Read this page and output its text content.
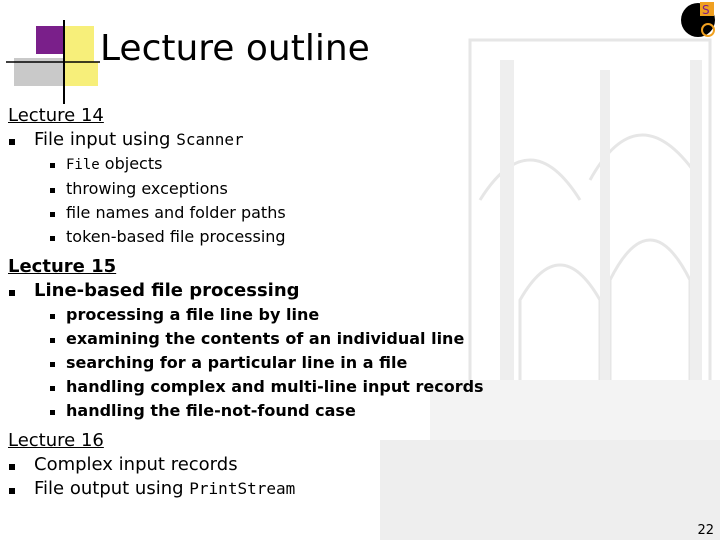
Lecture outline
S

Lecture 14

File input using Scanner

File objects

throwing exceptions

file names and folder paths

token-based file processing

Lecture 15

Line-based file processing

processing a file line by line

examining the contents of an individual line

searching for a particular line in a file

handling complex and multi-line input records

handling the file-not-found case

Lecture 16

Complex input records

File output using PrintStream

22
